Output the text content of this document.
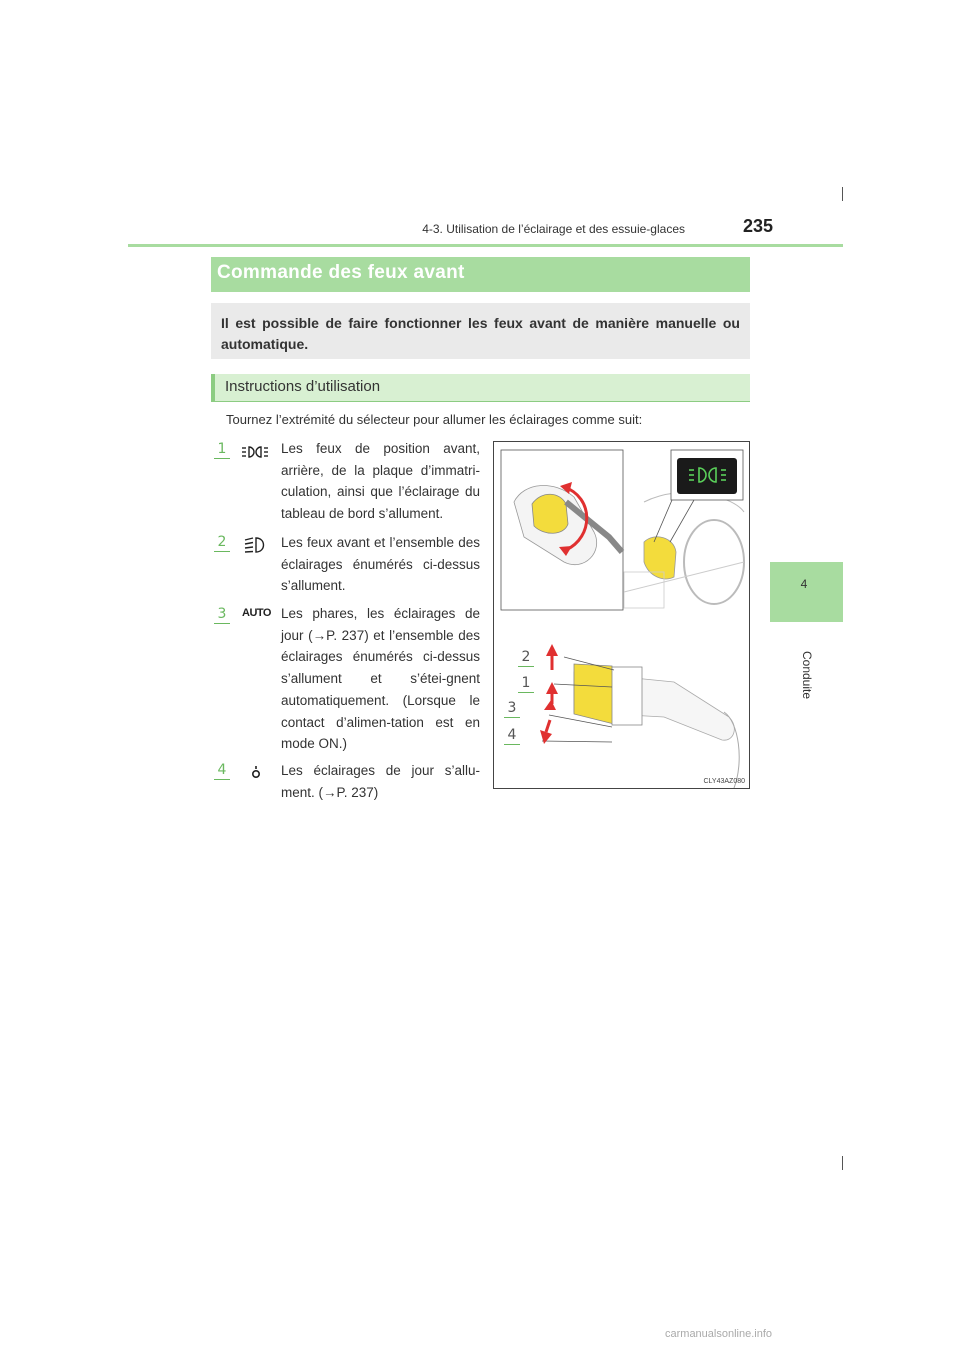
4-3. Utilisation de l’éclairage et des essuie-glaces	235
4
Conduite
Commande des feux avant

Il est possible de faire fonctionner les feux avant de manière manuelle ou automatique.

Instructions d’utilisation
Tournez l’extrémité du sélecteur pour allumer les éclairages comme suit:
1	Les feux de position avant, arrière, de la plaque d’immatri-culation, ainsi que l’éclairage du tableau de bord s’allument.
2	Les feux avant et l’ensemble des éclairages énumérés ci-dessus s’allument.
3	AUTO Les phares, les éclairages de jour (→P. 237) et l’ensemble des éclairages énumérés ci-dessus s’allument et s’étei-gnent automatiquement. (Lorsque le contact d’alimen-tation est en mode ON.)
4	Les éclairages de jour s’allu-ment. (→P. 237)
2
1
3
4
CLY43AZ080
carmanualsonline.info
